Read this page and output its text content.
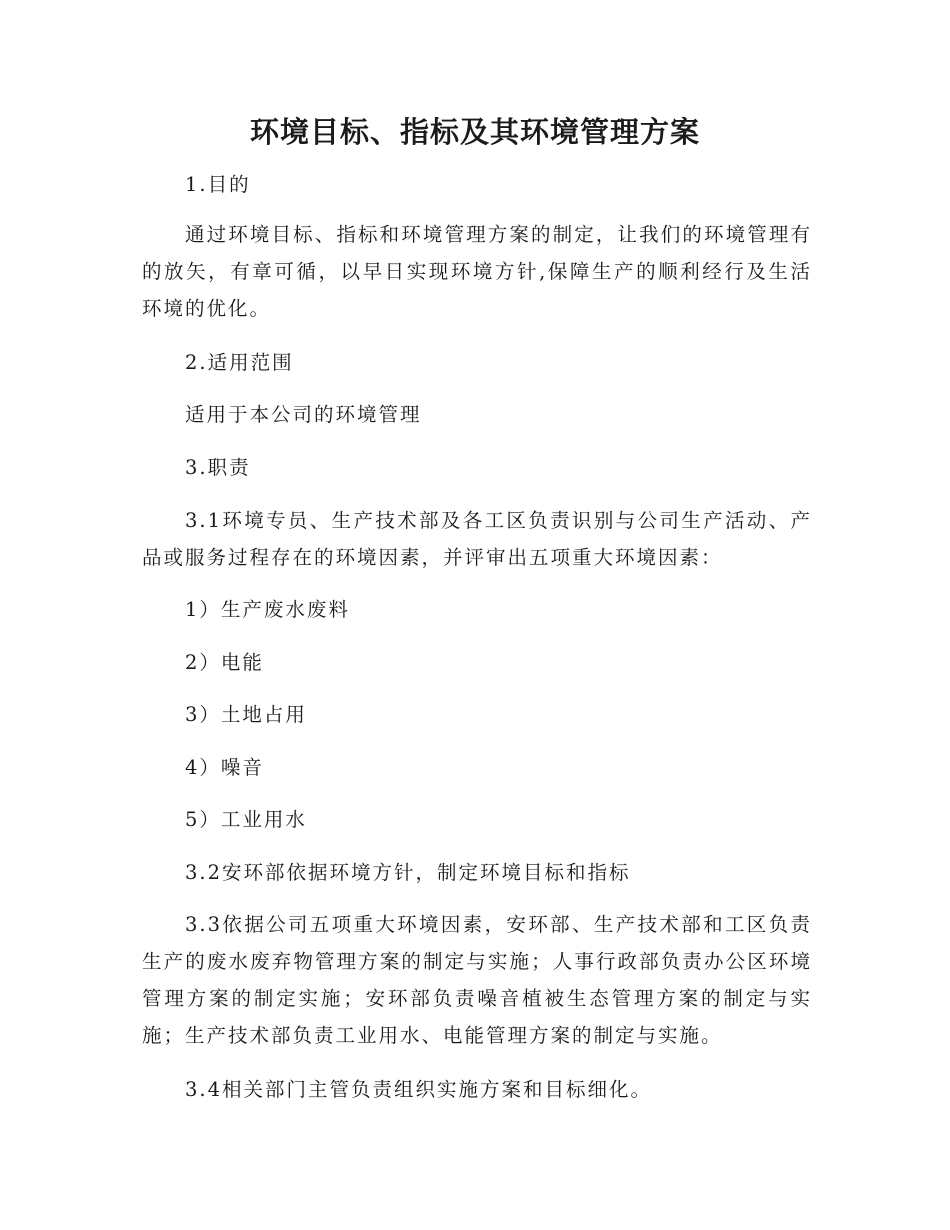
环境目标、指标及其环境管理方案

1.目的

通过环境目标、指标和环境管理方案的制定，让我们的环境管理有的放矢，有章可循，以早日实现环境方针,保障生产的顺利经行及生活环境的优化。

2.适用范围

适用于本公司的环境管理

3.职责

3.1环境专员、生产技术部及各工区负责识别与公司生产活动、产品或服务过程存在的环境因素，并评审出五项重大环境因素：

1）生产废水废料

2）电能

3）土地占用

4）噪音

5）工业用水

3.2安环部依据环境方针，制定环境目标和指标

3.3依据公司五项重大环境因素，安环部、生产技术部和工区负责生产的废水废弃物管理方案的制定与实施；人事行政部负责办公区环境管理方案的制定实施；安环部负责噪音植被生态管理方案的制定与实施；生产技术部负责工业用水、电能管理方案的制定与实施。

3.4相关部门主管负责组织实施方案和目标细化。
